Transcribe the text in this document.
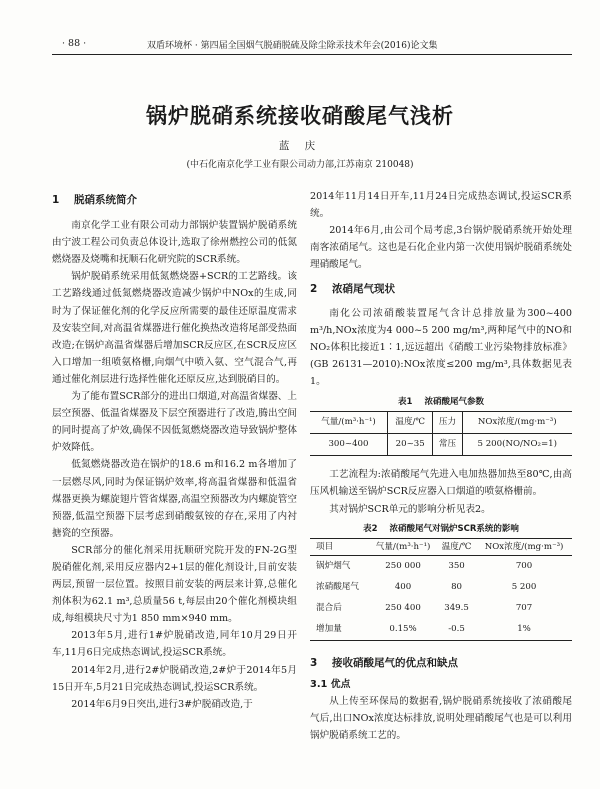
· 88 ·	双盾环境杯 · 第四届全国烟气脱硝脱硫及除尘除汞技术年会(2016)论文集
锅炉脱硝系统接收硝酸尾气浅析
蓝 庆
(中石化南京化学工业有限公司动力部,江苏南京 210048)
1 脱硝系统简介

南京化学工业有限公司动力部锅炉装置锅炉脱硝系统由宁波工程公司负责总体设计,选取了徐州燃控公司的低氮燃烧器及烧嘴和抚顺石化研究院的SCR系统。

锅炉脱硝系统采用低氮燃烧器+SCR的工艺路线。该工艺路线通过低氮燃烧器改造减少锅炉中NOx的生成,同时为了保证催化剂的化学反应所需要的最佳还原温度需求及安装空间,对高温省煤器进行催化换热改造将尾部受热面改造;在锅炉高温省煤器后增加SCR反应区,在SCR反应区入口增加一组喷氨格栅,向烟气中喷入氨、空气混合气,再通过催化剂层进行选择性催化还原反应,达到脱硝目的。

为了能布置SCR部分的进出口烟道,对高温省煤器、上层空预器、低温省煤器及下层空预器进行了改造,腾出空间的同时提高了炉效,确保不因低氮燃烧器改造导致锅炉整体炉效降低。

低氮燃烧器改造在锅炉的18.6 m和16.2 m各增加了一层燃尽风,同时为保证锅炉效率,将高温省煤器和低温省煤器更换为螺旋翅片管省煤器,高温空预器改为内螺旋管空预器,低温空预器下层考虑到硝酸氨铵的存在,采用了内衬搪瓷的空预器。

SCR部分的催化剂采用抚顺研究院开发的FN-2G型脱硝催化剂,采用反应器内2+1层的催化剂设计,目前安装两层,预留一层位置。按照目前安装的两层来计算,总催化剂体积为62.1 m³,总质量56 t,每层由20个催化剂模块组成,每组模块尺寸为1 850 mm×940 mm。

2013年5月,进行1#炉脱硝改造,同年10月29日开车,11月6日完成热态调试,投运SCR系统。

2014年2月,进行2#炉脱硝改造,2#炉于2014年5月15日开车,5月21日完成热态调试,投运SCR系统。

2014年6月9日突出,进行3#炉脱硝改造,于

2014年11月14日开车,11月24日完成热态调试,投运SCR系统。

2014年6月,由公司个局考虑,3台锅炉脱硝系统开始处理南客浓硝尾气。这也是石化企业内第一次使用锅炉脱硝系统处理硝酸尾气。

2 浓硝尾气现状

南化公司浓硝酸装置尾气含计总排放量为300~400 m³/h,NOx浓度为4 000~5 200 mg/m³,两种尾气中的NO和NO₂体积比接近1∶1,远远超出《硝酸工业污染物排放标准》(GB 26131—2010):NOx浓度≤200 mg/m³,具体数据见表1。

表1 浓硝酸尾气参数
气量/(m³·h⁻¹)	温度/℃	压力	NOx浓度/(mg·m⁻³)
300~400	20~35	常压	5 200(NO/NO₂=1)

工艺流程为:浓硝酸尾气先进入电加热器加热至80℃,由高压风机输送至锅炉SCR反应器入口烟道的喷氨格栅前。

其对锅炉SCR单元的影响分析见表2。

表2 浓硝酸尾气对锅炉SCR系统的影响
项目	气量/(m³·h⁻¹)	温度/℃	NOx浓度/(mg·m⁻³)
锅炉烟气	250 000	350	700
浓硝酸尾气	400	80	5 200
混合后	250 400	349.5	707
增加量	0.15%	-0.5	1%
3 接收硝酸尾气的优点和缺点
3.1 优点

从上传至环保局的数据看,锅炉脱硝系统接收了浓硝酸尾气后,出口NOx浓度达标排放,说明处理硝酸尾气也是可以利用锅炉脱硝系统工艺的。
